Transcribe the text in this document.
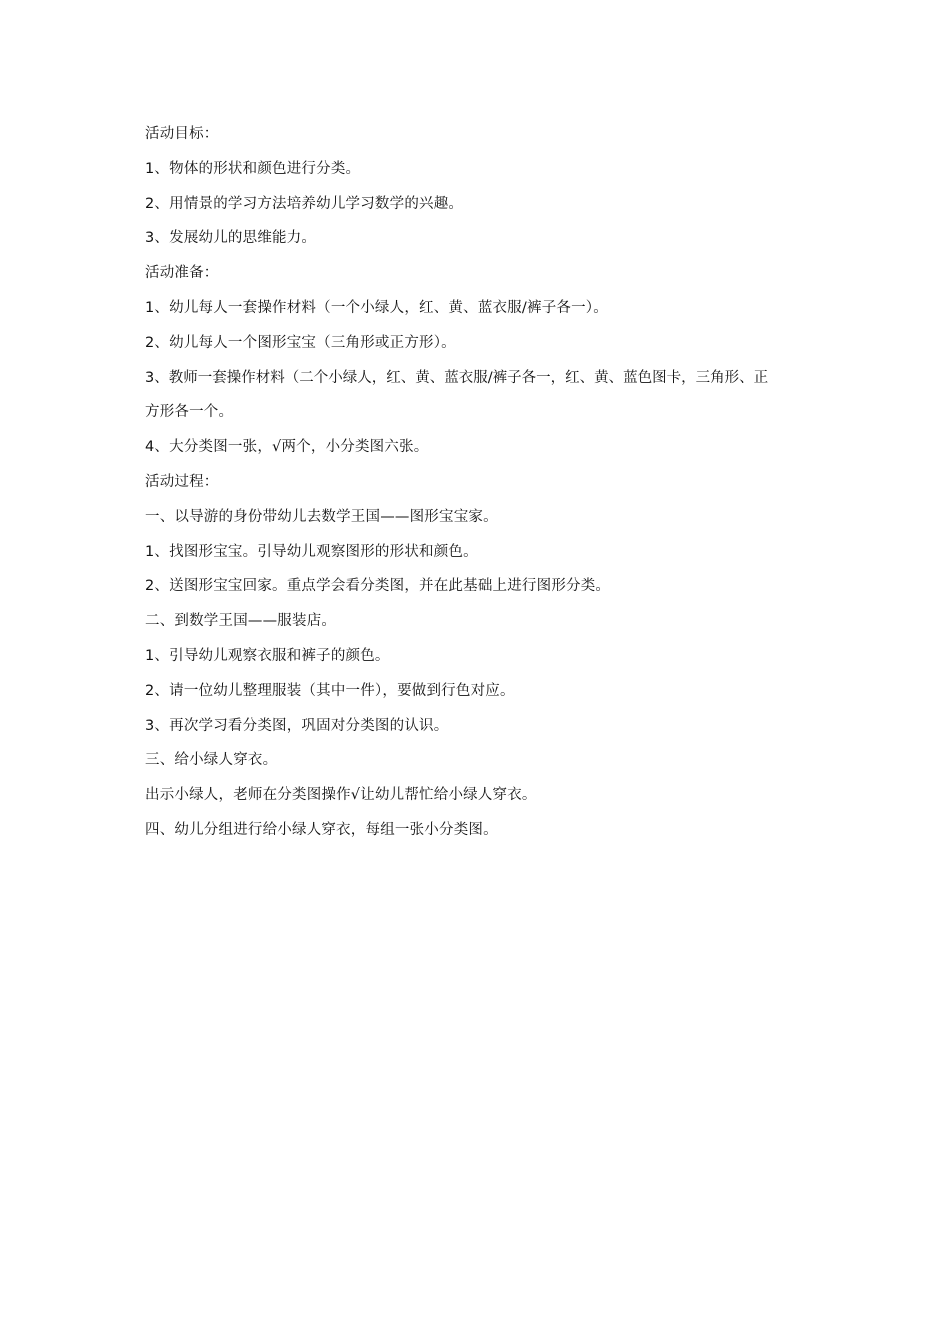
活动目标：
1、物体的形状和颜色进行分类。
2、用情景的学习方法培养幼儿学习数学的兴趣。
3、发展幼儿的思维能力。
活动准备：
1、幼儿每人一套操作材料（一个小绿人，红、黄、蓝衣服/裤子各一）。
2、幼儿每人一个图形宝宝（三角形或正方形）。
3、教师一套操作材料（二个小绿人，红、黄、蓝衣服/裤子各一，红、黄、蓝色图卡，三角形、正
方形各一个。
4、大分类图一张，√两个，小分类图六张。
活动过程：
一、以导游的身份带幼儿去数学王国——图形宝宝家。
1、找图形宝宝。引导幼儿观察图形的形状和颜色。
2、送图形宝宝回家。重点学会看分类图，并在此基础上进行图形分类。
二、到数学王国——服装店。
1、引导幼儿观察衣服和裤子的颜色。
2、请一位幼儿整理服装（其中一件），要做到行色对应。
3、再次学习看分类图，巩固对分类图的认识。
三、给小绿人穿衣。
出示小绿人，老师在分类图操作√让幼儿帮忙给小绿人穿衣。
四、幼儿分组进行给小绿人穿衣，每组一张小分类图。
